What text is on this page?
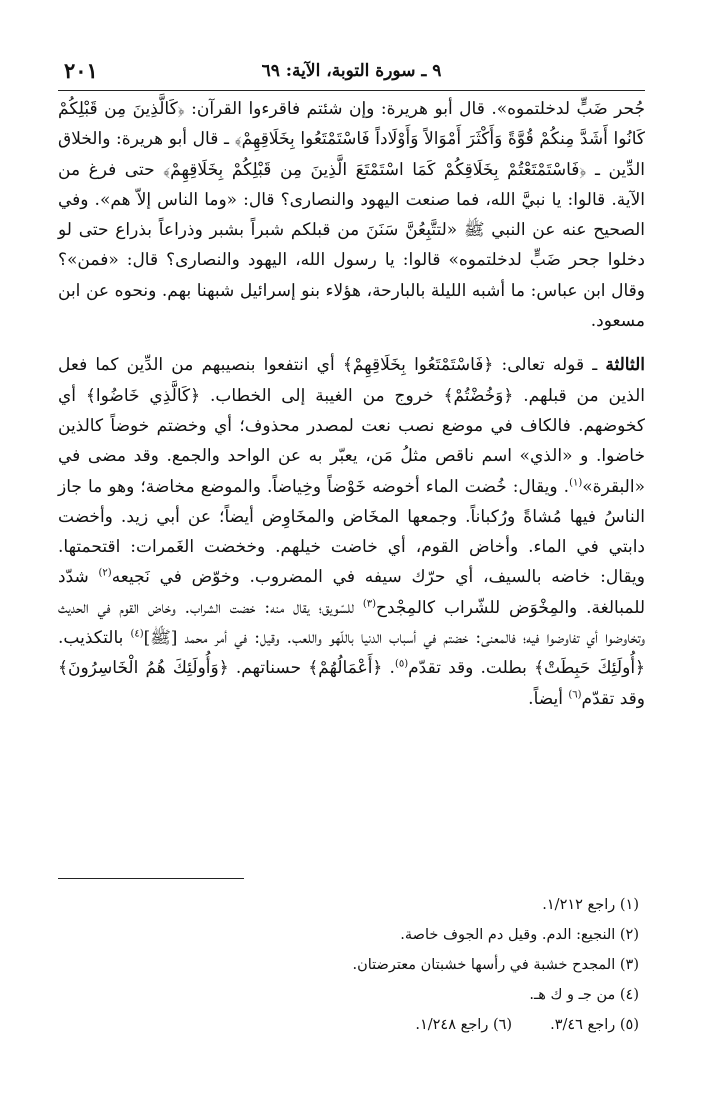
٢٠١	٩ ـ سورة التوبة، الآية: ٦٩

جُحر ضَبٍّ لدخلتموه». قال أبو هريرة: وإن شئتم فاقرءوا القرآن: ﴿كَالَّذِينَ مِن قَبْلِكُمْ كَانُوا أَشَدَّ مِنكُمْ قُوَّةً وَأَكْثَرَ أَمْوَالاً وَأَوْلَاداً فَاسْتَمْتَعُوا بِخَلَاقِهِمْ﴾ ـ قال أبو هريرة: والخلاق الدِّين ـ ﴿فَاسْتَمْتَعْتُمْ بِخَلَاقِكُمْ كَمَا اسْتَمْتَعَ الَّذِينَ مِن قَبْلِكُمْ بِخَلَاقِهِمْ﴾ حتى فرغ من الآية. قالوا: يا نبيَّ الله، فما صنعت اليهود والنصارى؟ قال: «وما الناس إلاّ هم». وفي الصحيح عنه عن النبي ﷺ «لتتَّبِعُنَّ سَنَنَ من قبلكم شبراً بشبر وذراعاً بذراع حتى لو دخلوا جحر ضَبٍّ لدخلتموه» قالوا: يا رسول الله، اليهود والنصارى؟ قال: «فمن»؟ وقال ابن عباس: ما أشبه الليلة بالبارحة، هؤلاء بنو إسرائيل شبهنا بهم. ونحوه عن ابن مسعود.

الثالثة ـ قوله تعالى: ﴿فَاسْتَمْتَعُوا بِخَلَاقِهِمْ﴾ أي انتفعوا بنصيبهم من الدِّين كما فعل الذين من قبلهم. ﴿وَخُضْتُمْ﴾ خروج من الغيبة إلى الخطاب. ﴿كَالَّذِي خَاضُوا﴾ أي كخوضهم. فالكاف في موضع نصب نعت لمصدر محذوف؛ أي وخضتم خوضاً كالذين خاضوا. و «الذي» اسم ناقص مثلُ مَن، يعبّر به عن الواحد والجمع. وقد مضى في «البقرة»$^{(١)}$. ويقال: خُضت الماء أخوضه خَوْضاً وخِياضاً. والموضع مخاضة؛ وهو ما جاز الناسُ فيها مُشاةً ورُكباناً. وجمعها المخَاض والمخَاوِض أيضاً؛ عن أبي زيد. وأخضت دابتي في الماء. وأخاض القوم، أي خاضت خيلهم. وخخضت الغَمرات: اقتحمتها. ويقال: خاضه بالسيف، أي حرّك سيفه في المضروب. وخوّض في نَجيعه$^{(٢)}$ شدّد للمبالغة. والمِخْوَض للشّراب كالمِجْدح$^{(٣)}$ للسّويق؛ يقال منه: خضت الشراب. وخاض القوم في الحديث وتخاوضوا أي تفاوضوا فيه؛ فالمعنى: خضتم في أسباب الدنيا باللّهو واللعب. وقيل: في أمر محمد [ﷺ]$^{(٤)}$ بالتكذيب. ﴿أُولَئِكَ حَبِطَتْ﴾ بطلت. وقد تقدّم$^{(٥)}$. ﴿أَعْمَالُهُمْ﴾ حسناتهم. ﴿وَأُولَئِكَ هُمُ الْخَاسِرُونَ﴾ وقد تقدّم$^{(٦)}$ أيضاً.

(١) راجع ١/٢١٢.
(٢) النجيع: الدم. وقيل دم الجوف خاصة.
(٣) المجدح خشبة في رأسها خشبتان معترضتان.
(٤) من جـ و ك هـ.
(٥) راجع ٣/٤٦.
(٦) راجع ١/٢٤٨.
